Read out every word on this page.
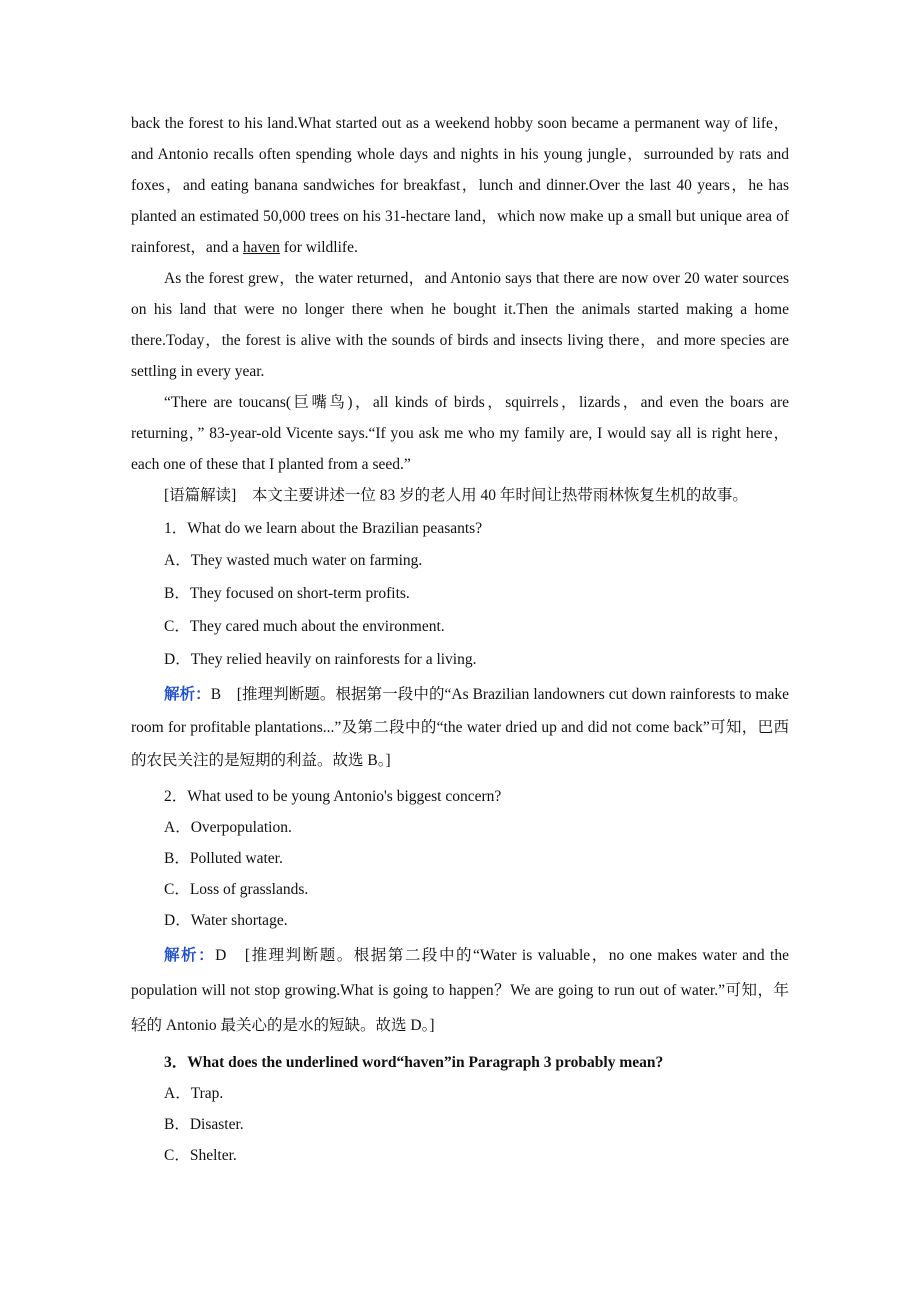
back the forest to his land.What started out as a weekend hobby soon became a permanent way of life，and Antonio recalls often spending whole days and nights in his young jungle，surrounded by rats and foxes，and eating banana sandwiches for breakfast，lunch and dinner.Over the last 40 years，he has planted an estimated 50,000 trees on his 31-hectare land，which now make up a small but unique area of rainforest，and a haven for wildlife.

As the forest grew，the water returned，and Antonio says that there are now over 20 water sources on his land that were no longer there when he bought it.Then the animals started making a home there.Today，the forest is alive with the sounds of birds and insects living there，and more species are settling in every year.

“There are toucans(巨嘴鸟)，all kinds of birds，squirrels，lizards，and even the boars are returning，” 83-year-old Vicente says.“If you ask me who my family are, I would say all is right here，each one of these that I planted from a seed.”

[语篇解读]　 本文主要讲述一位 83 岁的老人用 40 年时间让热带雨林恢复生机的故事。

1．What do we learn about the Brazilian peasants?

A．They wasted much water on farming.

B．They focused on short-term profits.

C．They cared much about the environment.

D．They relied heavily on rainforests for a living.

解析：B　[推理判断题。根据第一段中的“As Brazilian landowners cut down rainforests to make room for profitable plantations...”及第二段中的“the water dried up and did not come back”可知，巴西的农民关注的是短期的利益。故选 B。]

2．What used to be young Antonio's biggest concern?

A．Overpopulation.

B．Polluted water.

C．Loss of grasslands.

D．Water shortage.

解析：D　[推理判断题。根据第二段中的“Water is valuable，no one makes water and the population will not stop growing.What is going to happen？We are going to run out of water.”可知，年轻的 Antonio 最关心的是水的短缺。故选 D。]

3．What does the underlined word“haven”in Paragraph 3 probably mean?

A．Trap.

B．Disaster.

C．Shelter.
